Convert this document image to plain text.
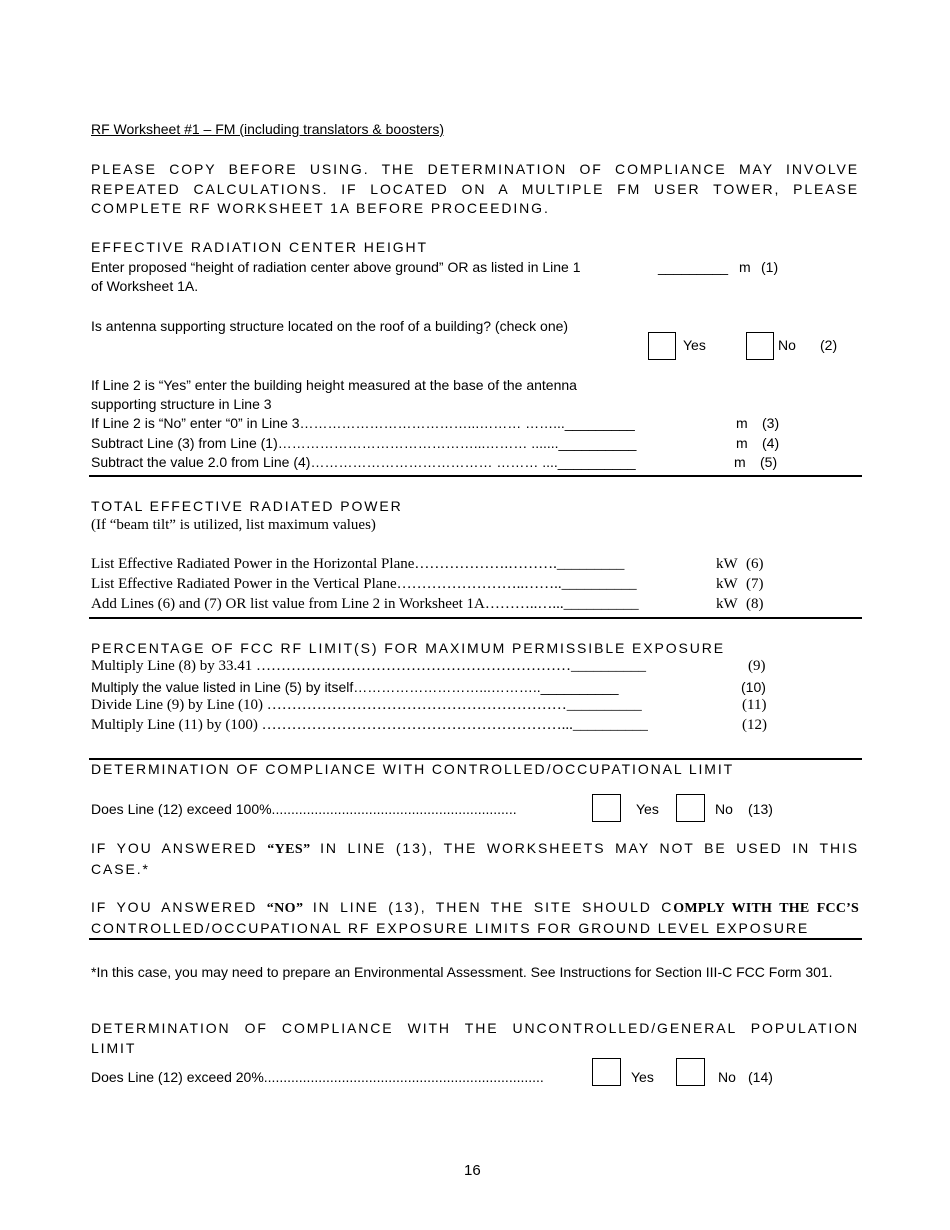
RF Worksheet #1 – FM (including translators & boosters)
PLEASE COPY BEFORE USING. THE DETERMINATION OF COMPLIANCE MAY INVOLVE REPEATED CALCULATIONS. IF LOCATED ON A MULTIPLE FM USER TOWER, PLEASE COMPLETE RF WORKSHEET 1A BEFORE PROCEEDING.
EFFECTIVE RADIATION CENTER HEIGHT
Enter proposed “height of radiation center above ground” OR as listed in Line 1
of Worksheet 1A.
_________ m (1)
Is antenna supporting structure located on the roof of a building? (check one)
Yes	No (2)
If Line 2 is “Yes” enter the building height measured at the base of the antenna
supporting structure in Line 3
If Line 2 is “No” enter “0” in Line 3………………………………...……… ……..._________	m (3)
Subtract Line (3) from Line (1)……………………………………...……… .......__________	m (4)
Subtract the value 2.0 from Line (4)………………………………… ……… ....__________	m (5)
TOTAL EFFECTIVE RADIATED POWER
(If “beam tilt” is utilized, list maximum values)
List Effective Radiated Power in the Horizontal Plane……………….………._________	kW (6)
List Effective Radiated Power in the Vertical Plane……………………..……..__________	kW (7)
Add Lines (6) and (7) OR list value from Line 2 in Worksheet 1A………..…...__________	kW (8)
PERCENTAGE OF FCC RF LIMIT(S) FOR MAXIMUM PERMISSIBLE EXPOSURE
Multiply Line (8) by 33.41 ………………………………………………………__________	(9)
Multiply the value listed in Line (5) by itself………………………...………..__________	(10)
Divide Line (9) by Line (10) ……………………………………………………__________	(11)
Multiply Line (11) by (100) ……………………………………………………...__________	(12)
DETERMINATION OF COMPLIANCE WITH CONTROLLED/OCCUPATIONAL LIMIT
Does Line (12) exceed 100%...............................................................	Yes	No (13)
IF YOU ANSWERED “YES” IN LINE (13), THE WORKSHEETS MAY NOT BE USED IN THIS CASE.*
IF YOU ANSWERED “NO” IN LINE (13), THEN THE SITE SHOULD COMPLY WITH THE FCC’S CONTROLLED/OCCUPATIONAL RF EXPOSURE LIMITS FOR GROUND LEVEL EXPOSURE
*In this case, you may need to prepare an Environmental Assessment. See Instructions for Section III-C FCC Form 301.
DETERMINATION OF COMPLIANCE WITH THE UNCONTROLLED/GENERAL POPULATION LIMIT
Does Line (12) exceed 20%........................................................................	Yes	No (14)
16
